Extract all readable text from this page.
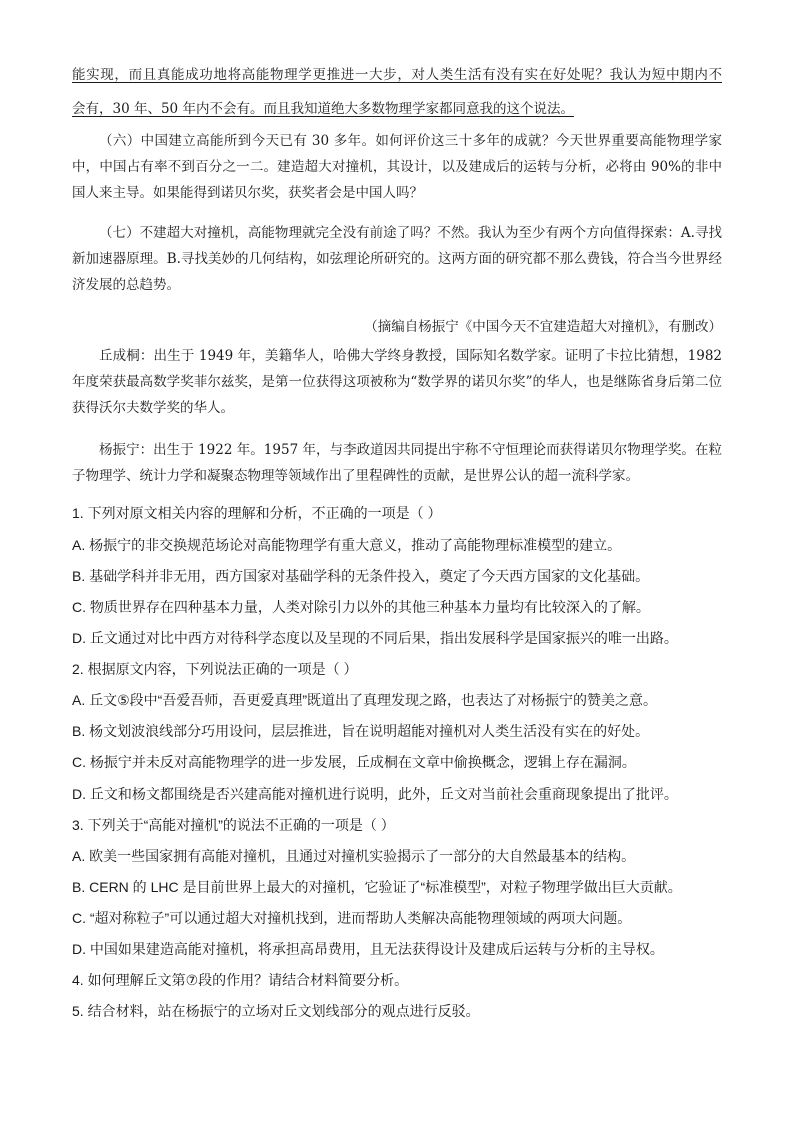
能实现，而且真能成功地将高能物理学更推进一大步，对人类生活有没有实在好处呢？我认为短中期内不

会有，30 年、50 年内不会有。而且我知道绝大多数物理学家都同意我的这个说法。

（六）中国建立高能所到今天已有 30 多年。如何评价这三十多年的成就？今天世界重要高能物理学家中，中国占有率不到百分之一二。建造超大对撞机，其设计，以及建成后的运转与分析，必将由 90%的非中国人来主导。如果能得到诺贝尔奖，获奖者会是中国人吗？

（七）不建超大对撞机，高能物理就完全没有前途了吗？不然。我认为至少有两个方向值得探索：A.寻找新加速器原理。B.寻找美妙的几何结构，如弦理论所研究的。这两方面的研究都不那么费钱，符合当今世界经济发展的总趋势。

（摘编自杨振宁《中国今天不宜建造超大对撞机》，有删改）

丘成桐：出生于 1949 年，美籍华人，哈佛大学终身教授，国际知名数学家。证明了卡拉比猜想，1982 年度荣获最高数学奖菲尔兹奖，是第一位获得这项被称为“数学界的诺贝尔奖”的华人，也是继陈省身后第二位获得沃尔夫数学奖的华人。

杨振宁：出生于 1922 年。1957 年，与李政道因共同提出宇称不守恒理论而获得诺贝尔物理学奖。在粒子物理学、统计力学和凝聚态物理等领域作出了里程碑性的贡献，是世界公认的超一流科学家。

1. 下列对原文相关内容的理解和分析，不正确的一项是（ ）

A. 杨振宁的非交换规范场论对高能物理学有重大意义，推动了高能物理标准模型的建立。

B. 基础学科并非无用，西方国家对基础学科的无条件投入，奠定了今天西方国家的文化基础。

C. 物质世界存在四种基本力量，人类对除引力以外的其他三种基本力量均有比较深入的了解。

D. 丘文通过对比中西方对待科学态度以及呈现的不同后果，指出发展科学是国家振兴的唯一出路。

2. 根据原文内容，下列说法正确的一项是（ ）

A. 丘文⑤段中“吾爱吾师，吾更爱真理”既道出了真理发现之路，也表达了对杨振宁的赞美之意。

B. 杨文划波浪线部分巧用设问，层层推进，旨在说明超能对撞机对人类生活没有实在的好处。

C. 杨振宁并未反对高能物理学的进一步发展，丘成桐在文章中偷换概念，逻辑上存在漏洞。

D. 丘文和杨文都围绕是否兴建高能对撞机进行说明，此外，丘文对当前社会重商现象提出了批评。

3. 下列关于“高能对撞机”的说法不正确的一项是（ ）

A. 欧美一些国家拥有高能对撞机，且通过对撞机实验揭示了一部分的大自然最基本的结构。

B. CERN 的 LHC 是目前世界上最大的对撞机，它验证了“标准模型”，对粒子物理学做出巨大贡献。

C. “超对称粒子”可以通过超大对撞机找到，进而帮助人类解决高能物理领域的两项大问题。

D. 中国如果建造高能对撞机，将承担高昂费用，且无法获得设计及建成后运转与分析的主导权。

4. 如何理解丘文第⑦段的作用？请结合材料简要分析。

5. 结合材料，站在杨振宁的立场对丘文划线部分的观点进行反驳。
